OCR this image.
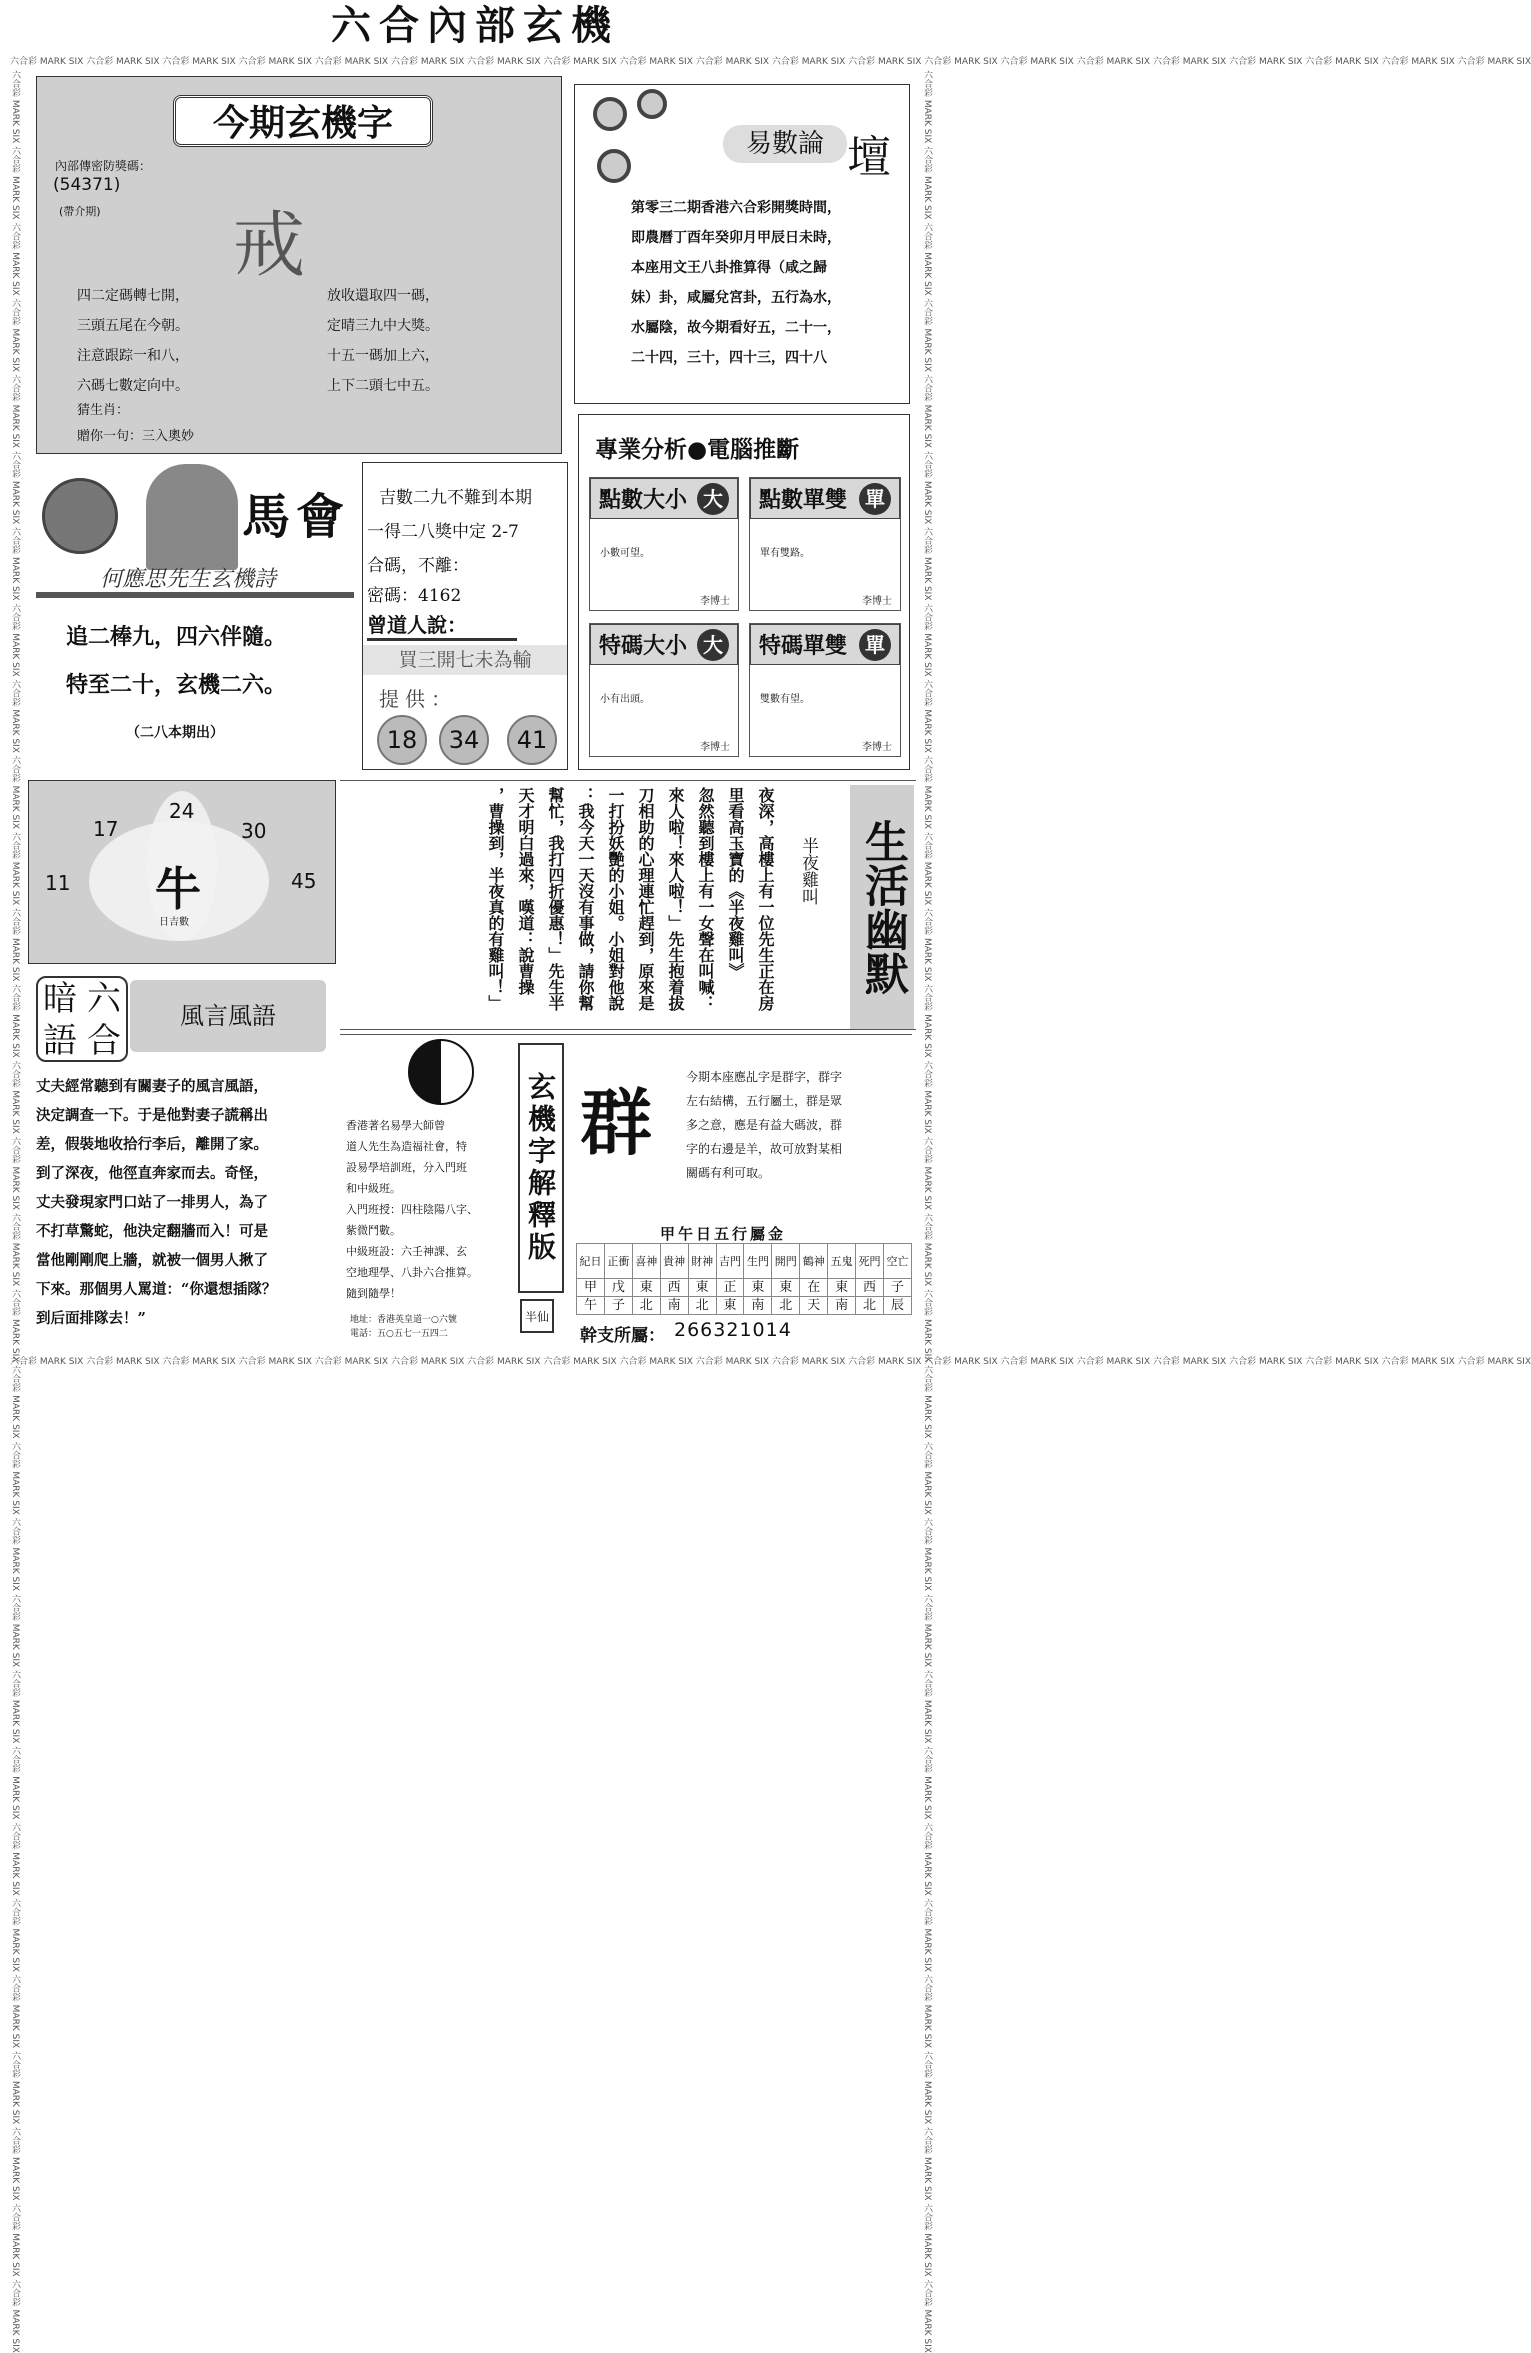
六合內部玄機
六合彩 MARK SIX 六合彩 MARK SIX 六合彩 MARK SIX 六合彩 MARK SIX 六合彩 MARK SIX 六合彩 MARK SIX 六合彩 MARK SIX 六合彩 MARK SIX 六合彩 MARK SIX 六合彩 MARK SIX 六合彩 MARK SIX 六合彩 MARK SIX 六合彩 MARK SIX 六合彩 MARK SIX 六合彩 MARK SIX 六合彩 MARK SIX 六合彩 MARK SIX 六合彩 MARK SIX 六合彩 MARK SIX 六合彩 MARK SIX
六合彩 MARK SIX 六合彩 MARK SIX 六合彩 MARK SIX 六合彩 MARK SIX 六合彩 MARK SIX 六合彩 MARK SIX 六合彩 MARK SIX 六合彩 MARK SIX 六合彩 MARK SIX 六合彩 MARK SIX 六合彩 MARK SIX 六合彩 MARK SIX 六合彩 MARK SIX 六合彩 MARK SIX 六合彩 MARK SIX 六合彩 MARK SIX 六合彩 MARK SIX 六合彩 MARK SIX 六合彩 MARK SIX 六合彩 MARK SIX
六合彩 MARK SIX 六合彩 MARK SIX 六合彩 MARK SIX 六合彩 MARK SIX 六合彩 MARK SIX 六合彩 MARK SIX 六合彩 MARK SIX 六合彩 MARK SIX 六合彩 MARK SIX 六合彩 MARK SIX 六合彩 MARK SIX 六合彩 MARK SIX 六合彩 MARK SIX 六合彩 MARK SIX 六合彩 MARK SIX 六合彩 MARK SIX 六合彩 MARK SIX 六合彩 MARK SIX 六合彩 MARK SIX 六合彩 MARK SIX 六合彩 MARK SIX 六合彩 MARK SIX 六合彩 MARK SIX 六合彩 MARK SIX 六合彩 MARK SIX 六合彩 MARK SIX 六合彩 MARK SIX 六合彩 MARK SIX 六合彩 MARK SIX 六合彩 MARK SIX	六合彩 MARK SIX 六合彩 MARK SIX 六合彩 MARK SIX 六合彩 MARK SIX 六合彩 MARK SIX 六合彩 MARK SIX 六合彩 MARK SIX 六合彩 MARK SIX 六合彩 MARK SIX 六合彩 MARK SIX 六合彩 MARK SIX 六合彩 MARK SIX 六合彩 MARK SIX 六合彩 MARK SIX 六合彩 MARK SIX 六合彩 MARK SIX 六合彩 MARK SIX 六合彩 MARK SIX 六合彩 MARK SIX 六合彩 MARK SIX 六合彩 MARK SIX 六合彩 MARK SIX 六合彩 MARK SIX 六合彩 MARK SIX 六合彩 MARK SIX 六合彩 MARK SIX 六合彩 MARK SIX 六合彩 MARK SIX 六合彩 MARK SIX 六合彩 MARK SIX
今期玄機字
內部傳密防獎碼：
(54371)
(帶介期) 戒
四二定碼轉七開，
三頭五尾在今朝。
注意跟踪一和八，
六碼七數定向中。
放收還取四一碼，
定晴三九中大獎。
十五一碼加上六，
上下二頭七中五。
猜生肖：
贈你一句：三入奧妙
易數論 壇
第零三二期香港六合彩開獎時間，
即農曆丁酉年癸卯月甲辰日未時，
本座用文王八卦推算得（咸之歸
妹）卦，咸屬兌宮卦，五行為水，
水屬陰，故今期看好五，二十一，
二十四，三十，四十三，四十八
馬會
何應思先生玄機詩
追二棒九，四六伴隨。
特至二十，玄機二六。
（二八本期出）
吉數二九不難到本期
一得二八獎中定 2-7
合碼，不離：
密碼：4162
曾道人說：
買三開七未為輸
提供：
18	34	41
專業分析●電腦推斷
點數大小 大
小數可望。
李博士
點數單雙 單
單有雙路。
李博士
特碼大小 大
小有出頭。
李博士
特碼單雙 單
雙數有望。
李博士
牛
日吉數
24
17	30
11	45	生活幽默
半夜雞叫
夜深，高樓上有一位先生正在房
里看高玉寶的《半夜雞叫》
忽然聽到樓上有一女聲在叫喊：
來人啦！來人啦！」先生抱着拔
刀相助的心理連忙趕到，原來是
一打扮妖艷的小姐。小姐對他說
：我今天一天沒有事做，請你幫
幫忙，我打四折優惠！」先生半
天才明白過來，嘆道：說曹操
，曹操到，半夜真的有雞叫！」
暗 六
語 合
風言風語
丈夫經常聽到有關妻子的風言風語，
決定調查一下。于是他對妻子謊稱出
差，假裝地收拾行李后，離開了家。
到了深夜，他徑直奔家而去。奇怪，
丈夫發現家門口站了一排男人，為了
不打草驚蛇，他決定翻牆而入！可是
當他剛剛爬上牆，就被一個男人揪了
下來。那個男人罵道：“你還想插隊？
到后面排隊去！”
香港著名易學大師曾
道人先生為造福社會，特
設易學培訓班，分入門班
和中級班。
入門班授：四柱陰陽八字、
紫微鬥數。
中級班設：六壬神課、玄
空地理學、八卦六合推算。
隨到隨學！
地址：香港英皇道一○六號
電話：五○五七一五四二
玄機字解釋版
半仙
群
今期本座應乩字是群字，群字
左右結構，五行屬土，群是眾
多之意，應是有益大碼波，群
字的右邊是羊，故可放對某相
關碼有利可取。
甲午日五行屬金
紀日	正衝	喜神	貴神	財神	吉門	生門	開門	鶴神	五鬼	死門	空亡
甲	戊	東	西	東	正	東	東	在	東	西	子
午	子	北	南	北	東	南	北	天	南	北	辰
幹支所屬： 266321014
